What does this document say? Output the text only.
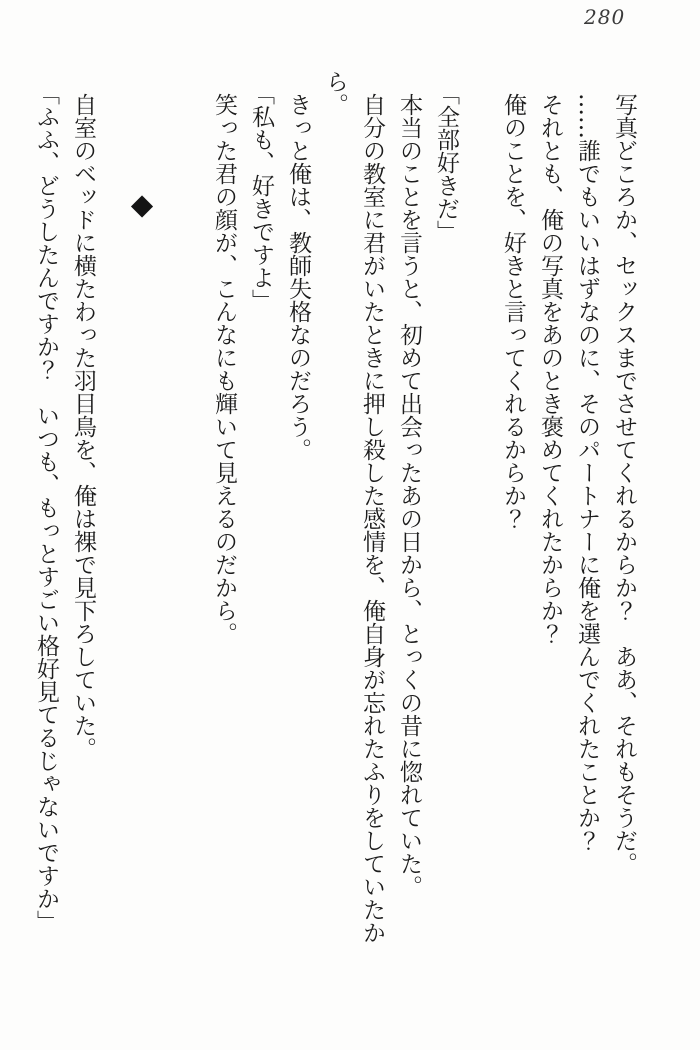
280

写真どころか、セックスまでさせてくれるからか？　ああ、それもそうだ。

……誰でもいいはずなのに、そのパートナーに俺を選んでくれたことか？

それとも、俺の写真をあのとき褒めてくれたからか？

俺のことを、好きと言ってくれるからか？

「全部好きだ」

本当のことを言うと、初めて出会ったあの日から、とっくの昔に惚れていた。

自分の教室に君がいたときに押し殺した感情を、俺自身が忘れたふりをしていたか

ら。

きっと俺は、教師失格なのだろう。

「私も、好きですよ」

笑った君の顔が、こんなにも輝いて見えるのだから。

◆

自室のベッドに横たわった羽目鳥を、俺は裸で見下ろしていた。

「ふふ、どうしたんですか？　いつも、もっとすごい格好見てるじゃないですか」
